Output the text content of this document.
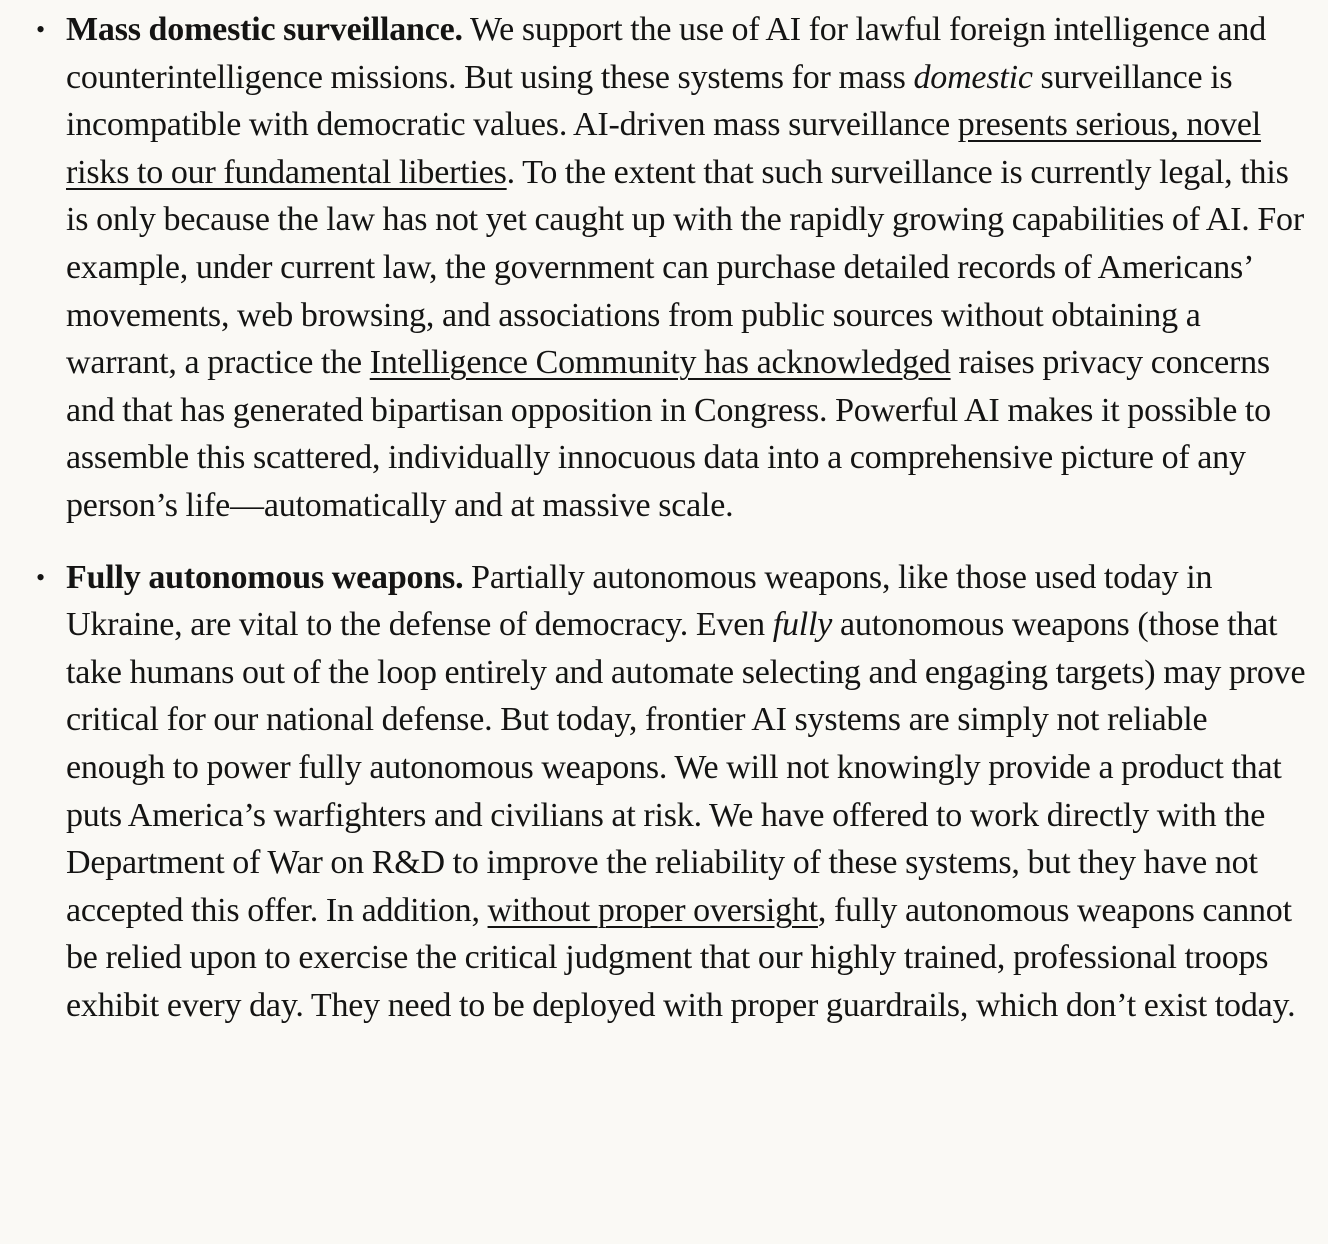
•
Mass domestic surveillance. We support the use of AI for lawful foreign intelligence and counterintelligence missions. But using these systems for mass domestic surveillance is incompatible with democratic values. AI-driven mass surveillance presents serious, novel risks to our fundamental liberties. To the extent that such surveillance is currently legal, this is only because the law has not yet caught up with the rapidly growing capabilities of AI. For example, under current law, the government can purchase detailed records of Americans’ movements, web browsing, and associations from public sources without obtaining a warrant, a practice the Intelligence Community has acknowledged raises privacy concerns and that has generated bipartisan opposition in Congress. Powerful AI makes it possible to assemble this scattered, individually innocuous data into a comprehensive picture of any person’s life—automatically and at massive scale.
•
Fully autonomous weapons. Partially autonomous weapons, like those used today in Ukraine, are vital to the defense of democracy. Even fully autonomous weapons (those that take humans out of the loop entirely and automate selecting and engaging targets) may prove critical for our national defense. But today, frontier AI systems are simply not reliable enough to power fully autonomous weapons. We will not knowingly provide a product that puts America’s warfighters and civilians at risk. We have offered to work directly with the Department of War on R&D to improve the reliability of these systems, but they have not accepted this offer. In addition, without proper oversight, fully autonomous weapons cannot be relied upon to exercise the critical judgment that our highly trained, professional troops exhibit every day. They need to be deployed with proper guardrails, which don’t exist today.
